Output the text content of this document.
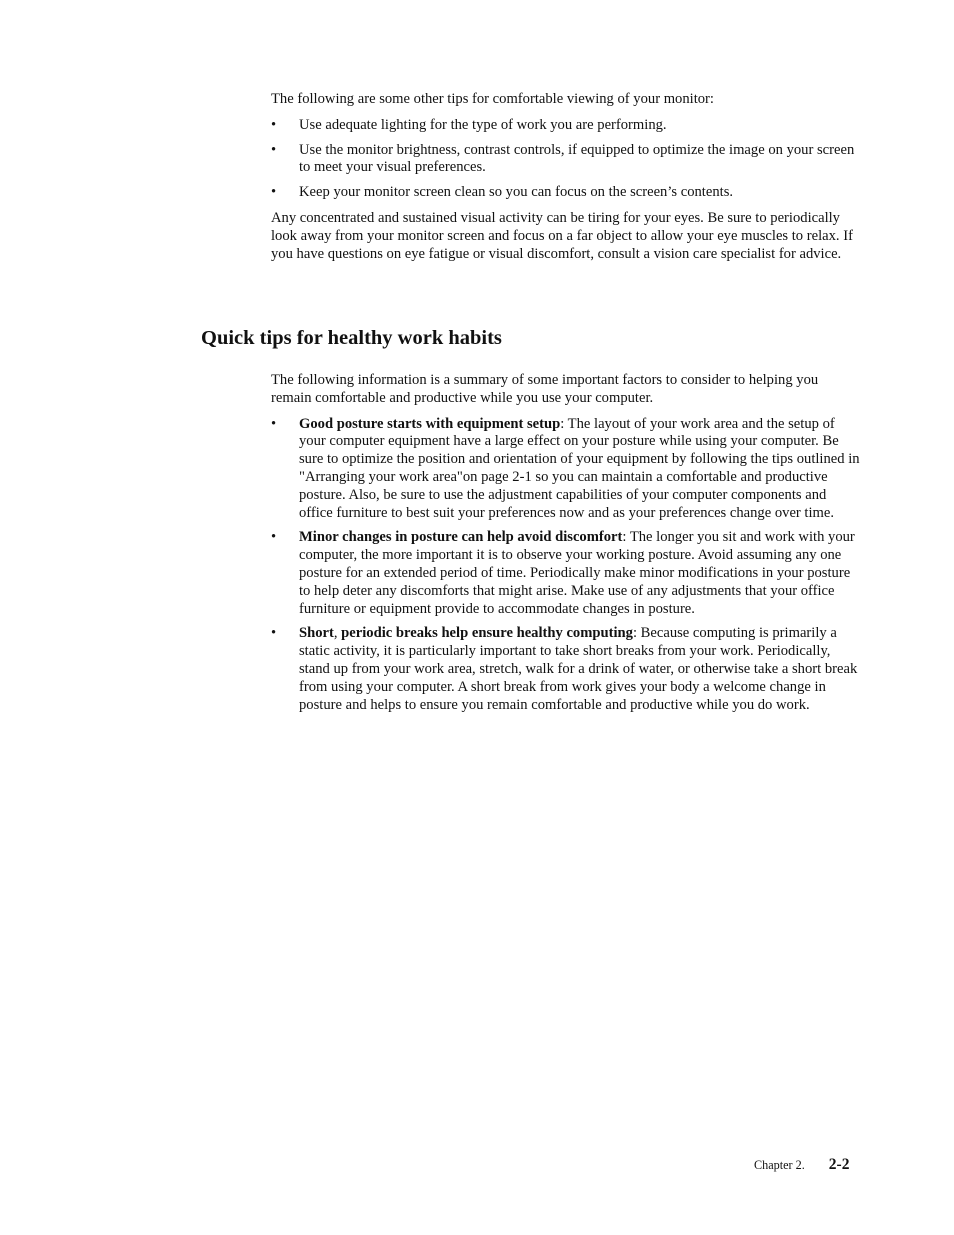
The following are some other tips for comfortable viewing of your monitor:

• Use adequate lighting for the type of work you are performing.
• Use the monitor brightness, contrast controls, if equipped to optimize the image on your screen to meet your visual preferences.
• Keep your monitor screen clean so you can focus on the screen’s contents.

Any concentrated and sustained visual activity can be tiring for your eyes. Be sure to periodically look away from your monitor screen and focus on a far object to allow your eye muscles to relax. If you have questions on eye fatigue or visual discomfort, consult a vision care specialist for advice.

Quick tips for healthy work habits

The following information is a summary of some important factors to consider to helping you remain comfortable and productive while you use your computer.

• Good posture starts with equipment setup: The layout of your work area and the setup of your computer equipment have a large effect on your posture while using your computer. Be sure to optimize the position and orientation of your equipment by following the tips outlined in "Arranging your work area"on page 2-1 so you can maintain a comfortable and productive posture. Also, be sure to use the adjustment capabilities of your computer components and office furniture to best suit your preferences now and as your preferences change over time.
• Minor changes in posture can help avoid discomfort: The longer you sit and work with your computer, the more important it is to observe your working posture. Avoid assuming any one posture for an extended period of time. Periodically make minor modifications in your posture to help deter any discomforts that might arise. Make use of any adjustments that your office furniture or equipment provide to accommodate changes in posture.
• Short, periodic breaks help ensure healthy computing: Because computing is primarily a static activity, it is particularly important to take short breaks from your work. Periodically, stand up from your work area, stretch, walk for a drink of water, or otherwise take a short break from using your computer. A short break from work gives your body a welcome change in posture and helps to ensure you remain comfortable and productive while you do work.
Chapter 2. 2-2
